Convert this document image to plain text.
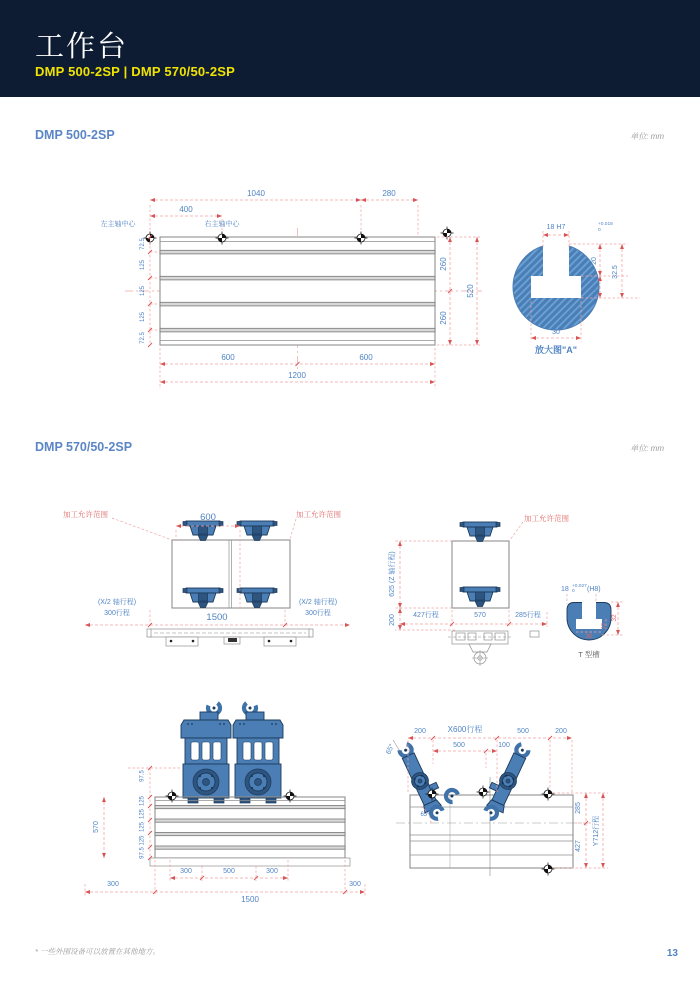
工作台
DMP 500-2SP | DMP 570/50-2SP
DMP 500-2SP	单位: mm
DMP 570/50-2SP	单位: mm
1040	280
400
左主轴中心	右主轴中心
72.5
125
125
125
72.5
260
260
520
600	600
1200
18 H7	+0.018
0
20
12.5
32.5
30
放大图"A"
加工允许范围	加工允许范围
600
(X/2 轴行程)
300行程
(X/2 轴行程)
300行程
1500
加工允许范围
625 (Z 轴行程)
200 427行程	570	285行程
18 +0.027
0 (H8)
30
12
32
T 型槽
97.5
125
125
125
125
97.5
570
300	500	300
300	300
1500
200	X600行程	500	200
500	100
65°
65°
285
427 Y712行程
* 一些外围设备可以放置在其他地方。	13
